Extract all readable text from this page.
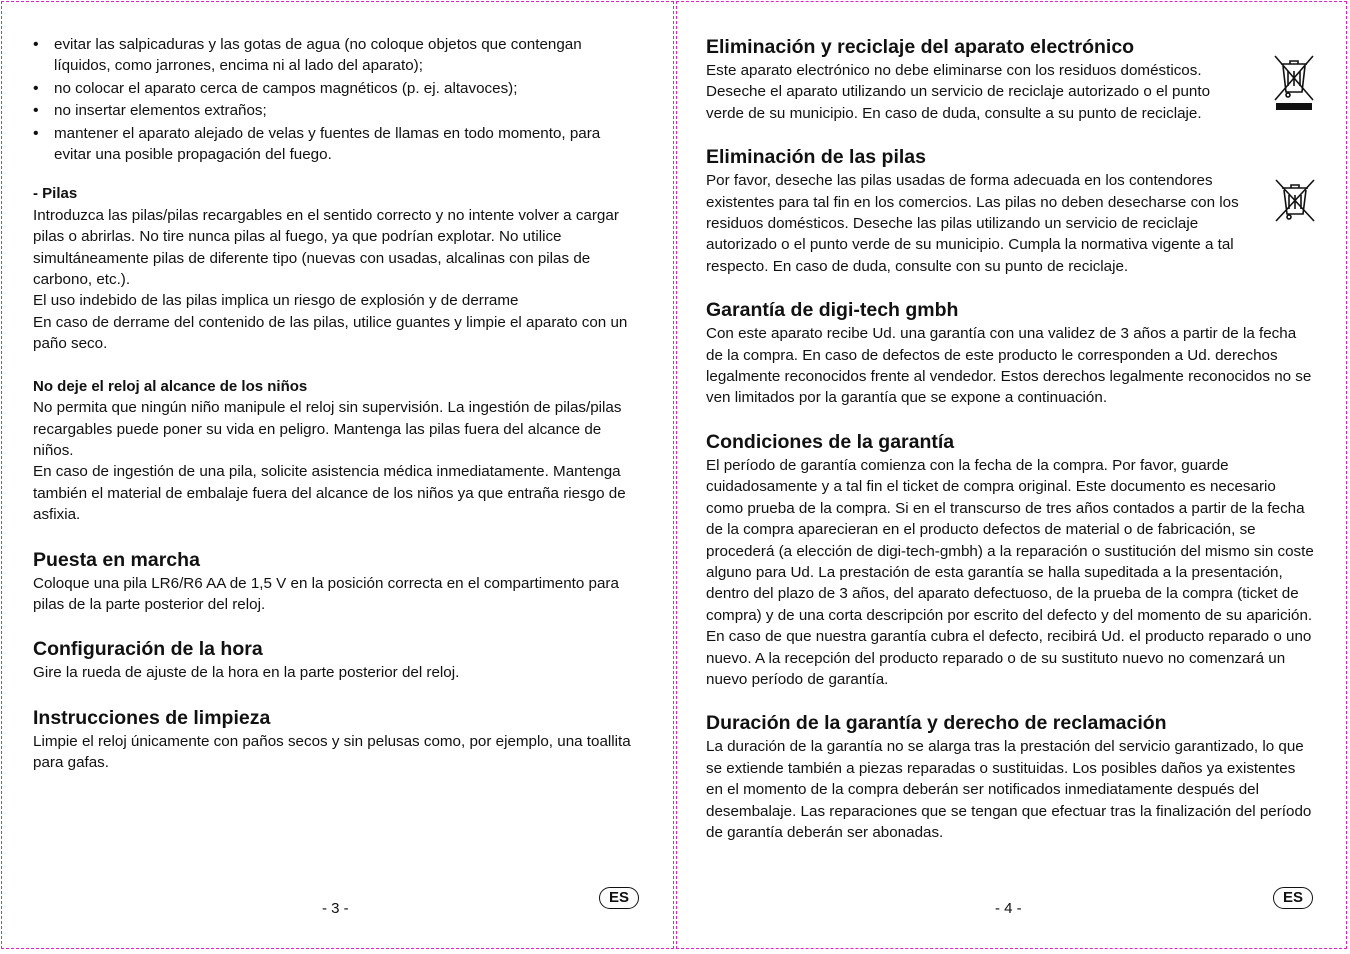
• evitar las salpicaduras y las gotas de agua (no coloque objetos que contengan líquidos, como jarrones, encima ni al lado del aparato);
• no colocar el aparato cerca de campos magnéticos (p. ej. altavoces);
• no insertar elementos extraños;
• mantener el aparato alejado de velas y fuentes de llamas en todo momento, para evitar una posible propagación del fuego.
- Pilas

Introduzca las pilas/pilas recargables en el sentido correcto y no intente volver a cargar pilas o abrirlas. No tire nunca pilas al fuego, ya que podrían explotar. No utilice simultáneamente pilas de diferente tipo (nuevas con usadas, alcalinas con pilas de carbono, etc.).

El uso indebido de las pilas implica un riesgo de explosión y de derrame

En caso de derrame del contenido de las pilas, utilice guantes y limpie el aparato con un paño seco.

No deje el reloj al alcance de los niños

No permita que ningún niño manipule el reloj sin supervisión. La ingestión de pilas/pilas recargables puede poner su vida en peligro. Mantenga las pilas fuera del alcance de niños.

En caso de ingestión de una pila, solicite asistencia médica inmediatamente. Mantenga también el material de embalaje fuera del alcance de los niños ya que entraña riesgo de asfixia.

Puesta en marcha

Coloque una pila LR6/R6 AA de 1,5 V en la posición correcta en el compartimento para pilas de la parte posterior del reloj.

Configuración de la hora

Gire la rueda de ajuste de la hora en la parte posterior del reloj.

Instrucciones de limpieza

Limpie el reloj únicamente con paños secos y sin pelusas como, por ejemplo, una toallita para gafas.

- 3 -
ES
Eliminación y reciclaje del aparato electrónico

Este aparato electrónico no debe eliminarse con los residuos domésticos. Deseche el aparato utilizando un servicio de reciclaje autorizado o el punto verde de su municipio. En caso de duda, consulte a su punto de reciclaje.

Eliminación de las pilas

Por favor, deseche las pilas usadas de forma adecuada en los contendores existentes para tal fin en los comercios. Las pilas no deben desecharse con los residuos domésticos. Deseche las pilas utilizando un servicio de reciclaje autorizado o el punto verde de su municipio. Cumpla la normativa vigente a tal respecto. En caso de duda, consulte con su punto de reciclaje.

Garantía de digi-tech gmbh

Con este aparato recibe Ud. una garantía con una validez de 3 años a partir de la fecha de la compra. En caso de defectos de este producto le corresponden a Ud. derechos legalmente reconocidos frente al vendedor. Estos derechos legalmente reconocidos no se ven limitados por la garantía que se expone a continuación.

Condiciones de la garantía

El período de garantía comienza con la fecha de la compra. Por favor, guarde cuidadosamente y a tal fin el ticket de compra original. Este documento es necesario como prueba de la compra. Si en el transcurso de tres años contados a partir de la fecha de la compra aparecieran en el producto defectos de material o de fabricación, se procederá (a elección de digi-tech-gmbh) a la reparación o sustitución del mismo sin coste alguno para Ud. La prestación de esta garantía se halla supeditada a la presentación, dentro del plazo de 3 años, del aparato defectuoso, de la prueba de la compra (ticket de compra) y de una corta descripción por escrito del defecto y del momento de su aparición. En caso de que nuestra garantía cubra el defecto, recibirá Ud. el producto reparado o uno nuevo. A la recepción del producto reparado o de su sustituto nuevo no comenzará un nuevo período de garantía.

Duración de la garantía y derecho de reclamación

La duración de la garantía no se alarga tras la prestación del servicio garantizado, lo que se extiende también a piezas reparadas o sustituidas. Los posibles daños ya existentes en el momento de la compra deberán ser notificados inmediatamente después del desembalaje. Las reparaciones que se tengan que efectuar tras la finalización del período de garantía deberán ser abonadas.

- 4 -
ES
